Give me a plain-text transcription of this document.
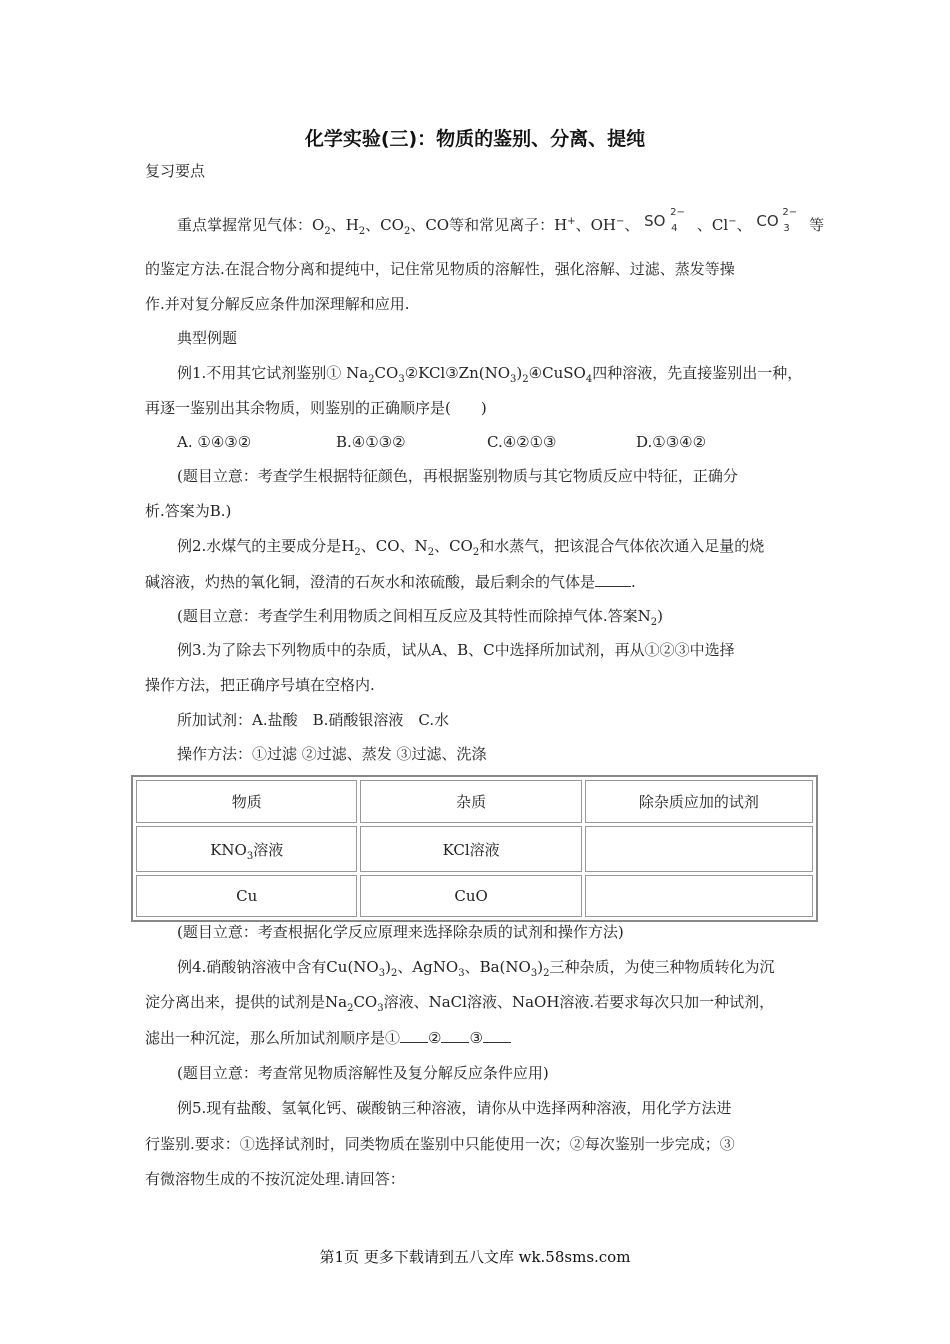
化学实验(三)：物质的鉴别、分离、提纯
复习要点
重点掌握常见气体：$O_2$、$H_2$、$CO_2$、CO等和常见离子：H+、OH−、 SO 2−
4 、Cl−、 CO 2−
3 等
的鉴定方法.在混合物分离和提纯中，记住常见物质的溶解性，强化溶解、过滤、蒸发等操
作.并对复分解反应条件加深理解和应用.
典型例题
例1.不用其它试剂鉴别① $Na_2CO_3②KCl③Zn(NO_3)_2④CuSO_4$四种溶液，先直接鉴别出一种，
再逐一鉴别出其余物质，则鉴别的正确顺序是(　　)
A. ①④③②	B.④①③②	C.④②①③	D.①③④②
(题目立意：考查学生根据特征颜色，再根据鉴别物质与其它物质反应中特征，正确分
析.答案为B.)
例2.水煤气的主要成分是$H_2$、CO、$N_2$、$CO_2$和水蒸气，把该混合气体依次通入足量的烧
碱溶液，灼热的氧化铜，澄清的石灰水和浓硫酸，最后剩余的气体是 .
(题目立意：考查学生利用物质之间相互反应及其特性而除掉气体.答案$N_2$)
例3.为了除去下列物质中的杂质，试从A、B、C中选择所加试剂，再从①②③中选择
操作方法，把正确序号填在空格内.
所加试剂：A.盐酸　B.硝酸银溶液　C.水
操作方法：①过滤 ②过滤、蒸发 ③过滤、洗涤
物质	杂质	除杂质应加的试剂
$KNO_3$溶液	KCl溶液	
Cu	CuO	
(题目立意：考查根据化学反应原理来选择除杂质的试剂和操作方法)
例4.硝酸钠溶液中含有$Cu(NO_3)_2$、AgNO$_3$、$Ba(NO_3)_2$三种杂质，为使三种物质转化为沉
淀分离出来，提供的试剂是$Na_2CO_3$溶液、NaCl溶液、NaOH溶液.若要求每次只加一种试剂，
滤出一种沉淀，那么所加试剂顺序是① ② ③
(题目立意：考查常见物质溶解性及复分解反应条件应用)
例5.现有盐酸、氢氧化钙、碳酸钠三种溶液，请你从中选择两种溶液，用化学方法进
行鉴别.要求：①选择试剂时，同类物质在鉴别中只能使用一次；②每次鉴别一步完成；③
有微溶物生成的不按沉淀处理.请回答：
第1页 更多下载请到五八文库 wk.58sms.com
